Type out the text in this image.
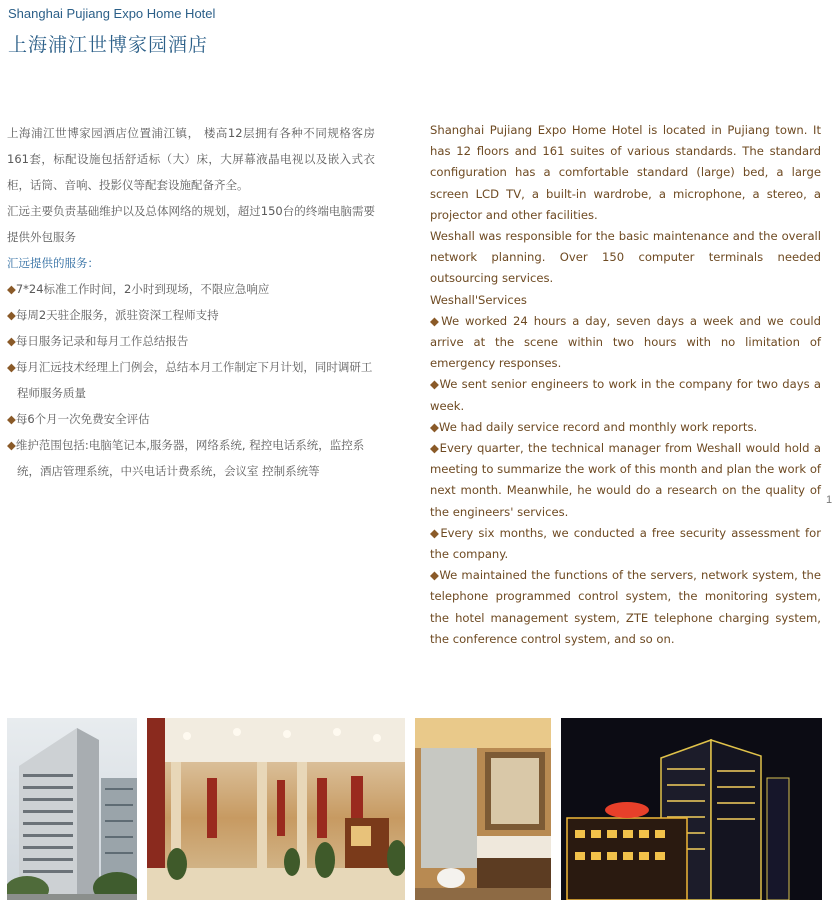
Shanghai Pujiang Expo Home Hotel
上海浦江世博家园酒店

上海浦江世博家园酒店位置浦江镇， 楼高12层拥有各种不同规格客房161套，标配设施包括舒适标（大）床，大屏幕液晶电视以及嵌入式衣柜，话筒、音响、投影仪等配套设施配备齐全。

汇远主要负责基础维护以及总体网络的规划，超过150台的终端电脑需要提供外包服务

汇远提供的服务：

◆7*24标准工作时间，2小时到现场，不限应急响应

◆每周2天驻企服务，派驻资深工程师支持

◆每日服务记录和每月工作总结报告

◆每月汇远技术经理上门例会，总结本月工作制定下月计划，同时调研工程师服务质量

◆每6个月一次免费安全评估

◆维护范围包括:电脑笔记本,服务器，网络系统, 程控电话系统，监控系统，酒店管理系统，中兴电话计费系统，会议室 控制系统等

Shanghai Pujiang Expo Home Hotel is located in Pujiang town. It has 12 floors and 161 suites of various standards. The standard configuration has a comfortable standard (large) bed, a large screen LCD TV, a built-in wardrobe, a microphone, a stereo, a projector and other facilities.

Weshall was responsible for the basic maintenance and the overall network planning. Over 150 computer terminals needed outsourcing services.

Weshall'Services

◆We worked 24 hours a day, seven days a week and we could arrive at the scene within two hours with no limitation of emergency responses.

◆We sent senior engineers to work in the company for two days a week.

◆We had daily service record and monthly work reports.

◆Every quarter, the technical manager from Weshall would hold a meeting to summarize the work of this month and plan the work of next month. Meanwhile, he would do a research on the quality of the engineers' services.

◆Every six months, we conducted a free security assessment for the company.

◆We maintained the functions of the servers, network system, the telephone programmed control system, the monitoring system, the hotel management system, ZTE telephone charging system, the conference control system, and so on.

1
